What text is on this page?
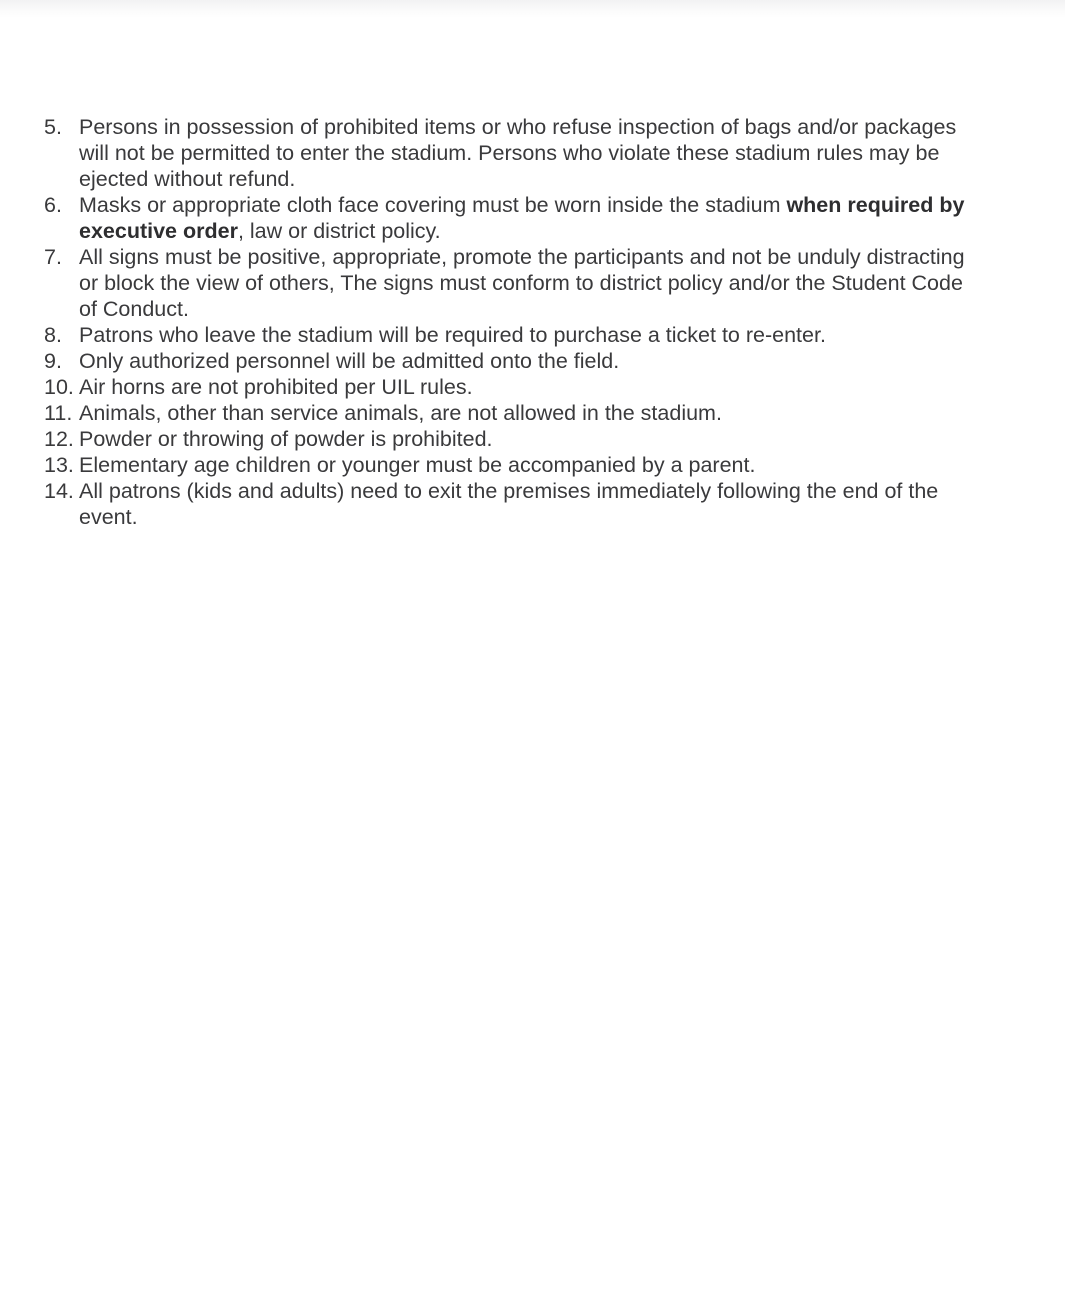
5. Persons in possession of prohibited items or who refuse inspection of bags and/or packages will not be permitted to enter the stadium. Persons who violate these stadium rules may be ejected without refund.
6. Masks or appropriate cloth face covering must be worn inside the stadium when required by executive order, law or district policy.
7. All signs must be positive, appropriate, promote the participants and not be unduly distracting or block the view of others, The signs must conform to district policy and/or the Student Code of Conduct.
8. Patrons who leave the stadium will be required to purchase a ticket to re-enter.
9. Only authorized personnel will be admitted onto the field.
10. Air horns are not prohibited per UIL rules.
11. Animals, other than service animals, are not allowed in the stadium.
12. Powder or throwing of powder is prohibited.
13. Elementary age children or younger must be accompanied by a parent.
14. All patrons (kids and adults) need to exit the premises immediately following the end of the event.
